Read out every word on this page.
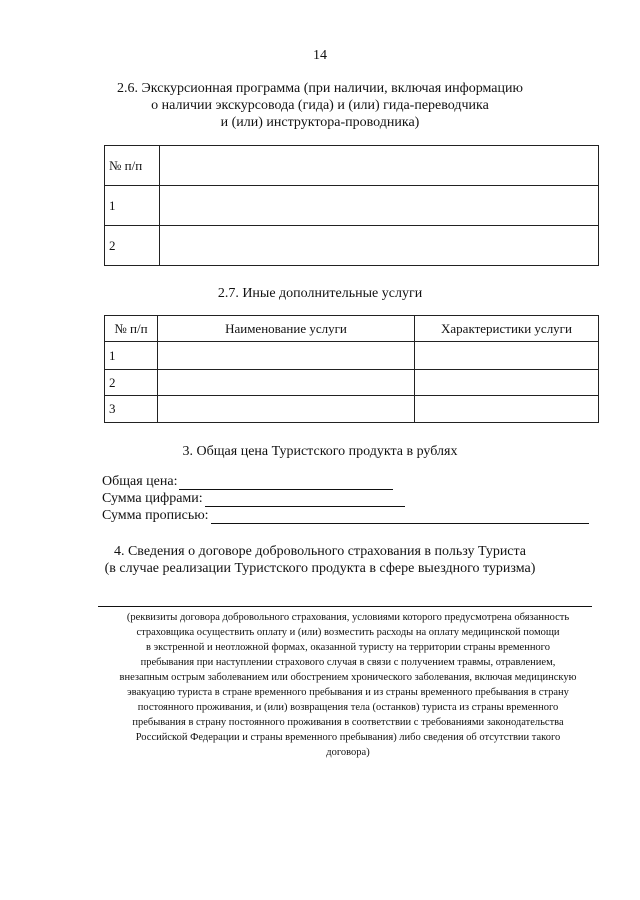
14
2.6. Экскурсионная программа (при наличии, включая информацию
о наличии экскурсовода (гида) и (или) гида-переводчика
и (или) инструктора-проводника)
№ п/п	
1	
2	
2.7. Иные дополнительные услуги
№ п/п	Наименование услуги	Характеристики услуги
1		
2		
3		
3. Общая цена Туристского продукта в рублях
Общая цена:
Сумма цифрами:
Сумма прописью:
4. Сведения о договоре добровольного страхования в пользу Туриста
(в случае реализации Туристского продукта в сфере выездного туризма)
(реквизиты договора добровольного страхования, условиями которого предусмотрена обязанность
страховщика осуществить оплату и (или) возместить расходы на оплату медицинской помощи
в экстренной и неотложной формах, оказанной туристу на территории страны временного
пребывания при наступлении страхового случая в связи с получением травмы, отравлением,
внезапным острым заболеванием или обострением хронического заболевания, включая медицинскую
эвакуацию туриста в стране временного пребывания и из страны временного пребывания в страну
постоянного проживания, и (или) возвращения тела (останков) туриста из страны временного
пребывания в страну постоянного проживания в соответствии с требованиями законодательства
Российской Федерации и страны временного пребывания) либо сведения об отсутствии такого
договора)
